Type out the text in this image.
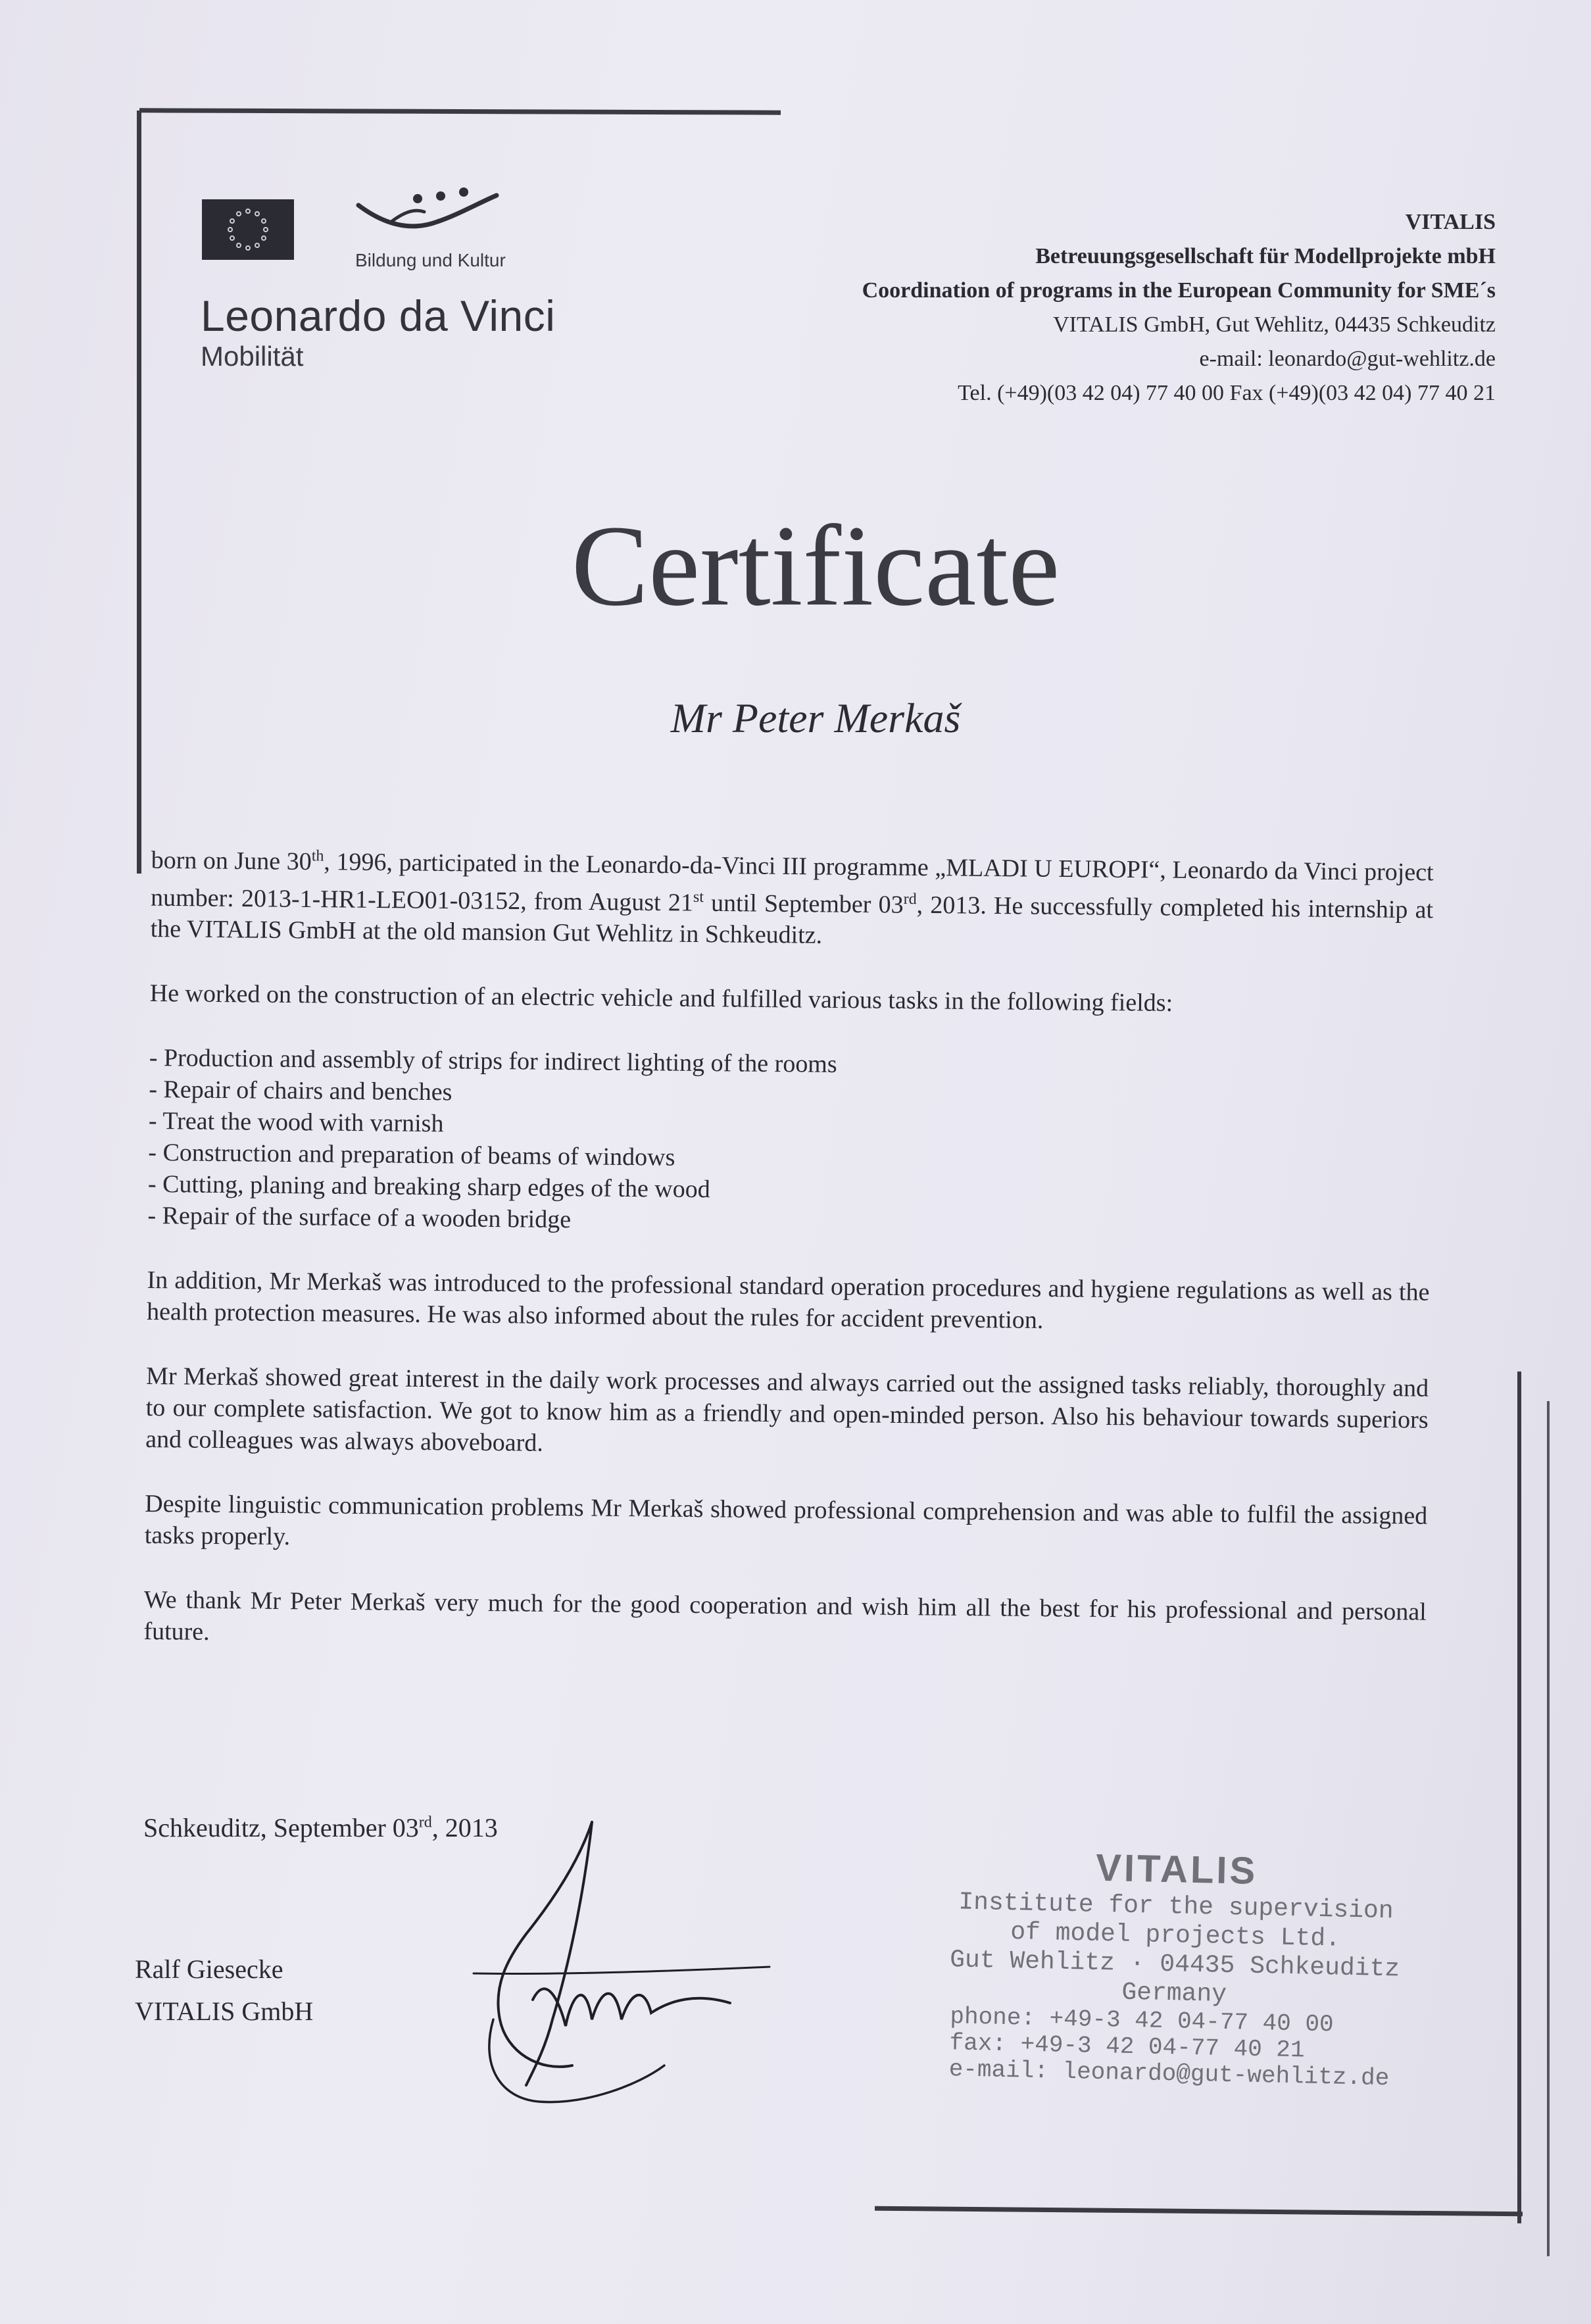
Bildung und Kultur
Leonardo da Vinci
Mobilität
VITALIS
Betreuungsgesellschaft für Modellprojekte mbH
Coordination of programs in the European Community for SME´s
VITALIS GmbH, Gut Wehlitz, 04435 Schkeuditz
e-mail: leonardo@gut-wehlitz.de
Tel. (+49)(03 42 04) 77 40 00 Fax (+49)(03 42 04) 77 40 21
Certificate
Mr Peter Merkaš

born on June 30th, 1996, participated in the Leonardo-da-Vinci III programme „MLADI U EUROPI“, Leonardo da Vinci project number: 2013-1-HR1-LEO01-03152, from August 21st until September 03rd, 2013. He successfully completed his internship at the VITALIS GmbH at the old mansion Gut Wehlitz in Schkeuditz.

He worked on the construction of an electric vehicle and fulfilled various tasks in the following fields:

- Production and assembly of strips for indirect lighting of the rooms
- Repair of chairs and benches
- Treat the wood with varnish
- Construction and preparation of beams of windows
- Cutting, planing and breaking sharp edges of the wood
- Repair of the surface of a wooden bridge

In addition, Mr Merkaš was introduced to the professional standard operation procedures and hygiene regulations as well as the health protection measures. He was also informed about the rules for accident prevention.

Mr Merkaš showed great interest in the daily work processes and always carried out the assigned tasks reliably, thoroughly and to our complete satisfaction. We got to know him as a friendly and open-minded person. Also his behaviour towards superiors and colleagues was always aboveboard.

Despite linguistic communication problems Mr Merkaš showed professional comprehension and was able to fulfil the assigned tasks properly.

We thank Mr Peter Merkaš very much for the good cooperation and wish him all the best for his professional and personal future.

Schkeuditz, September 03rd, 2013
Ralf Giesecke
VITALIS GmbH
VITALIS
Institute for the supervision
of model projects Ltd.
Gut Wehlitz · 04435 Schkeuditz
Germany
phone: +49-3 42 04-77 40 00
fax: +49-3 42 04-77 40 21
e-mail: leonardo@gut-wehlitz.de
